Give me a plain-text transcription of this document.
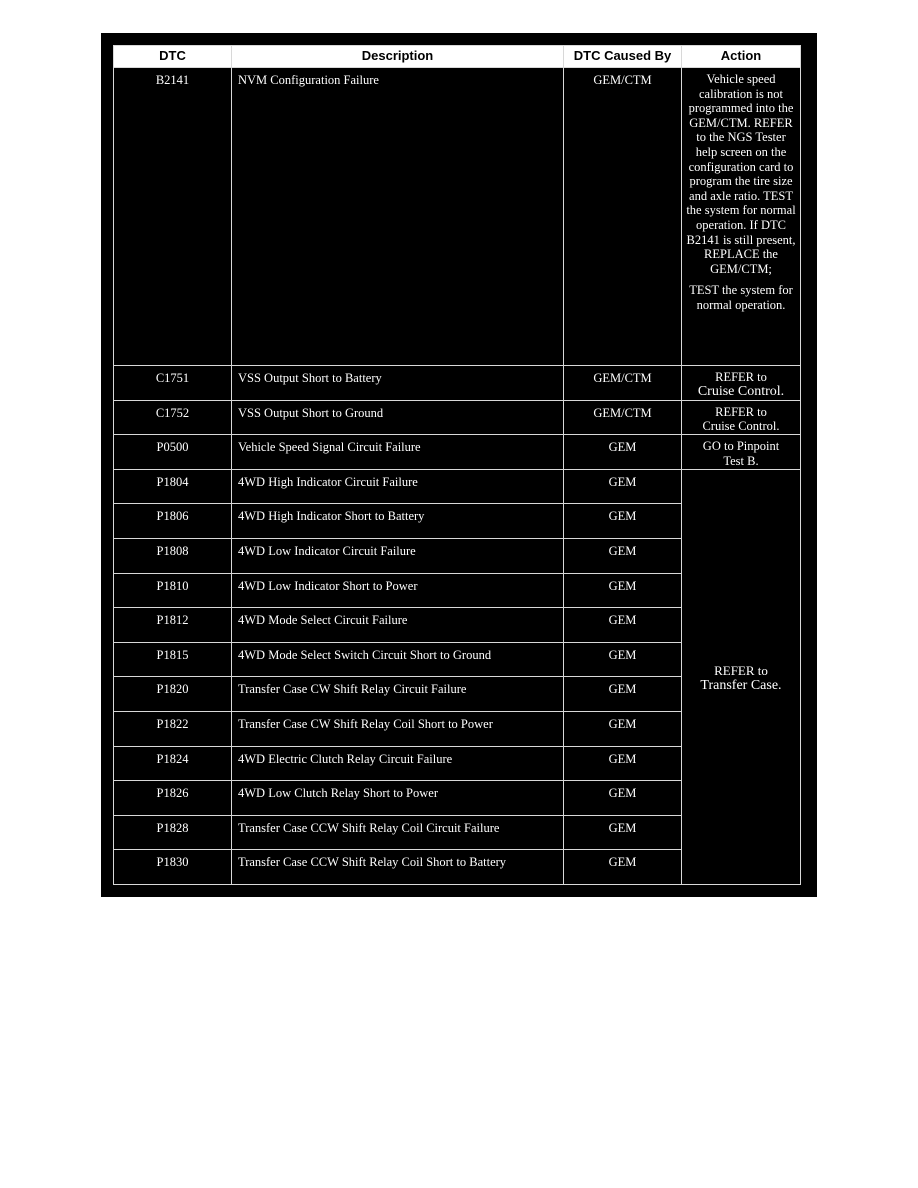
DTC	Description	DTC Caused By	Action
B2141	NVM Configuration Failure	GEM/CTM	Vehicle speed calibration is not programmed into the GEM/CTM. REFER to the NGS Tester help screen on the configuration card to program the tire size and axle ratio. TEST the system for normal operation. If DTC B2141 is still present, REPLACE the GEM/CTM;
TEST the system for normal operation.

C1751	VSS Output Short to Battery	GEM/CTM	REFER to
Cruise Control.

C1752	VSS Output Short to Ground	GEM/CTM	REFER to
Cruise Control.

P0500	Vehicle Speed Signal Circuit Failure	GEM	GO to Pinpoint
Test B.

P1804	4WD High Indicator Circuit Failure	GEM	REFER to
Transfer Case.

P1806	4WD High Indicator Short to Battery	GEM	
P1808	4WD Low Indicator Circuit Failure	GEM	
P1810	4WD Low Indicator Short to Power	GEM	
P1812	4WD Mode Select Circuit Failure	GEM	
P1815	4WD Mode Select Switch Circuit Short to Ground	GEM	
P1820	Transfer Case CW Shift Relay Circuit Failure	GEM	
P1822	Transfer Case CW Shift Relay Coil Short to Power	GEM	
P1824	4WD Electric Clutch Relay Circuit Failure	GEM	
P1826	4WD Low Clutch Relay Short to Power	GEM	
P1828	Transfer Case CCW Shift Relay Coil Circuit Failure	GEM	
P1830	Transfer Case CCW Shift Relay Coil Short to Battery	GEM	
